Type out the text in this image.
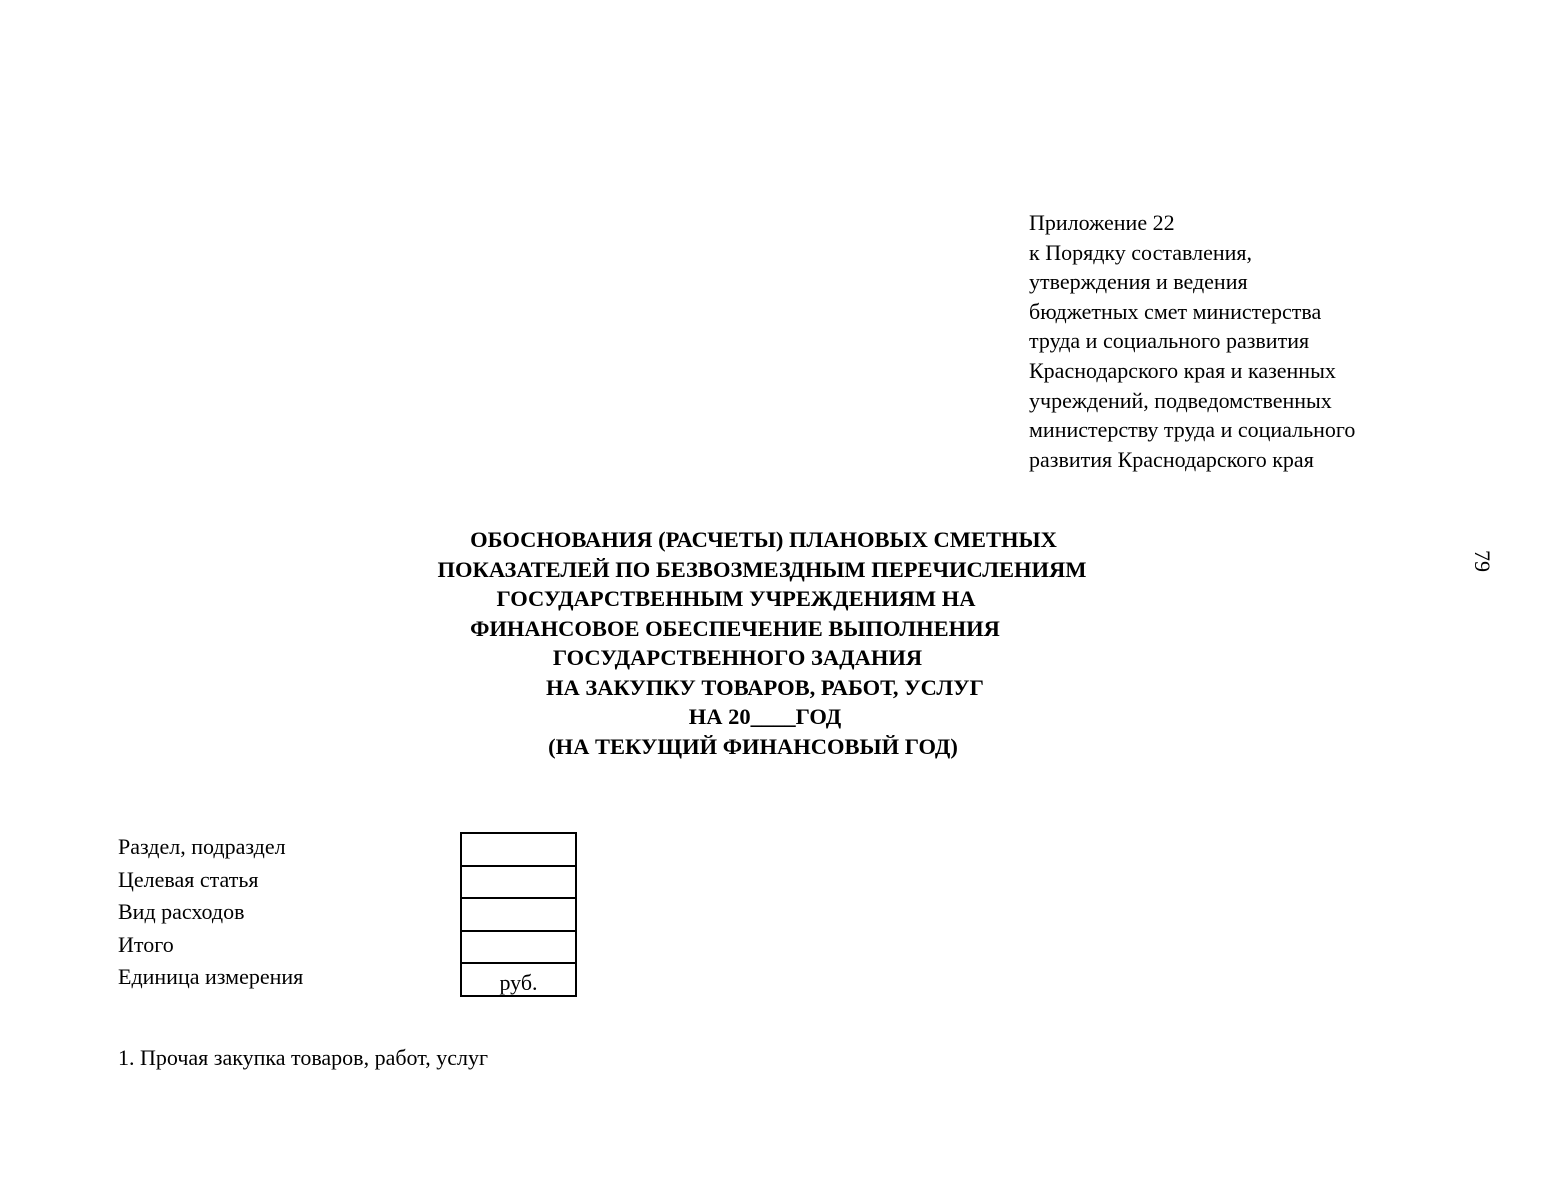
Приложение 22
к Порядку составления,
утверждения и ведения
бюджетных смет министерства
труда и социального развития
Краснодарского края и казенных
учреждений, подведомственных
министерству труда и социального
развития Краснодарского края
79
ОБОСНОВАНИЯ (РАСЧЕТЫ) ПЛАНОВЫХ СМЕТНЫХ
ПОКАЗАТЕЛЕЙ ПО БЕЗВОЗМЕЗДНЫМ ПЕРЕЧИСЛЕНИЯМ
ГОСУДАРСТВЕННЫМ УЧРЕЖДЕНИЯМ НА
ФИНАНСОВОЕ ОБЕСПЕЧЕНИЕ ВЫПОЛНЕНИЯ
ГОСУДАРСТВЕННОГО ЗАДАНИЯ
НА ЗАКУПКУ ТОВАРОВ, РАБОТ, УСЛУГ
НА 20____ГОД
(НА ТЕКУЩИЙ ФИНАНСОВЫЙ ГОД)
Раздел, подраздел
Целевая статья
Вид расходов
Итого
Единица измерения	руб.
1. Прочая закупка товаров, работ, услуг
